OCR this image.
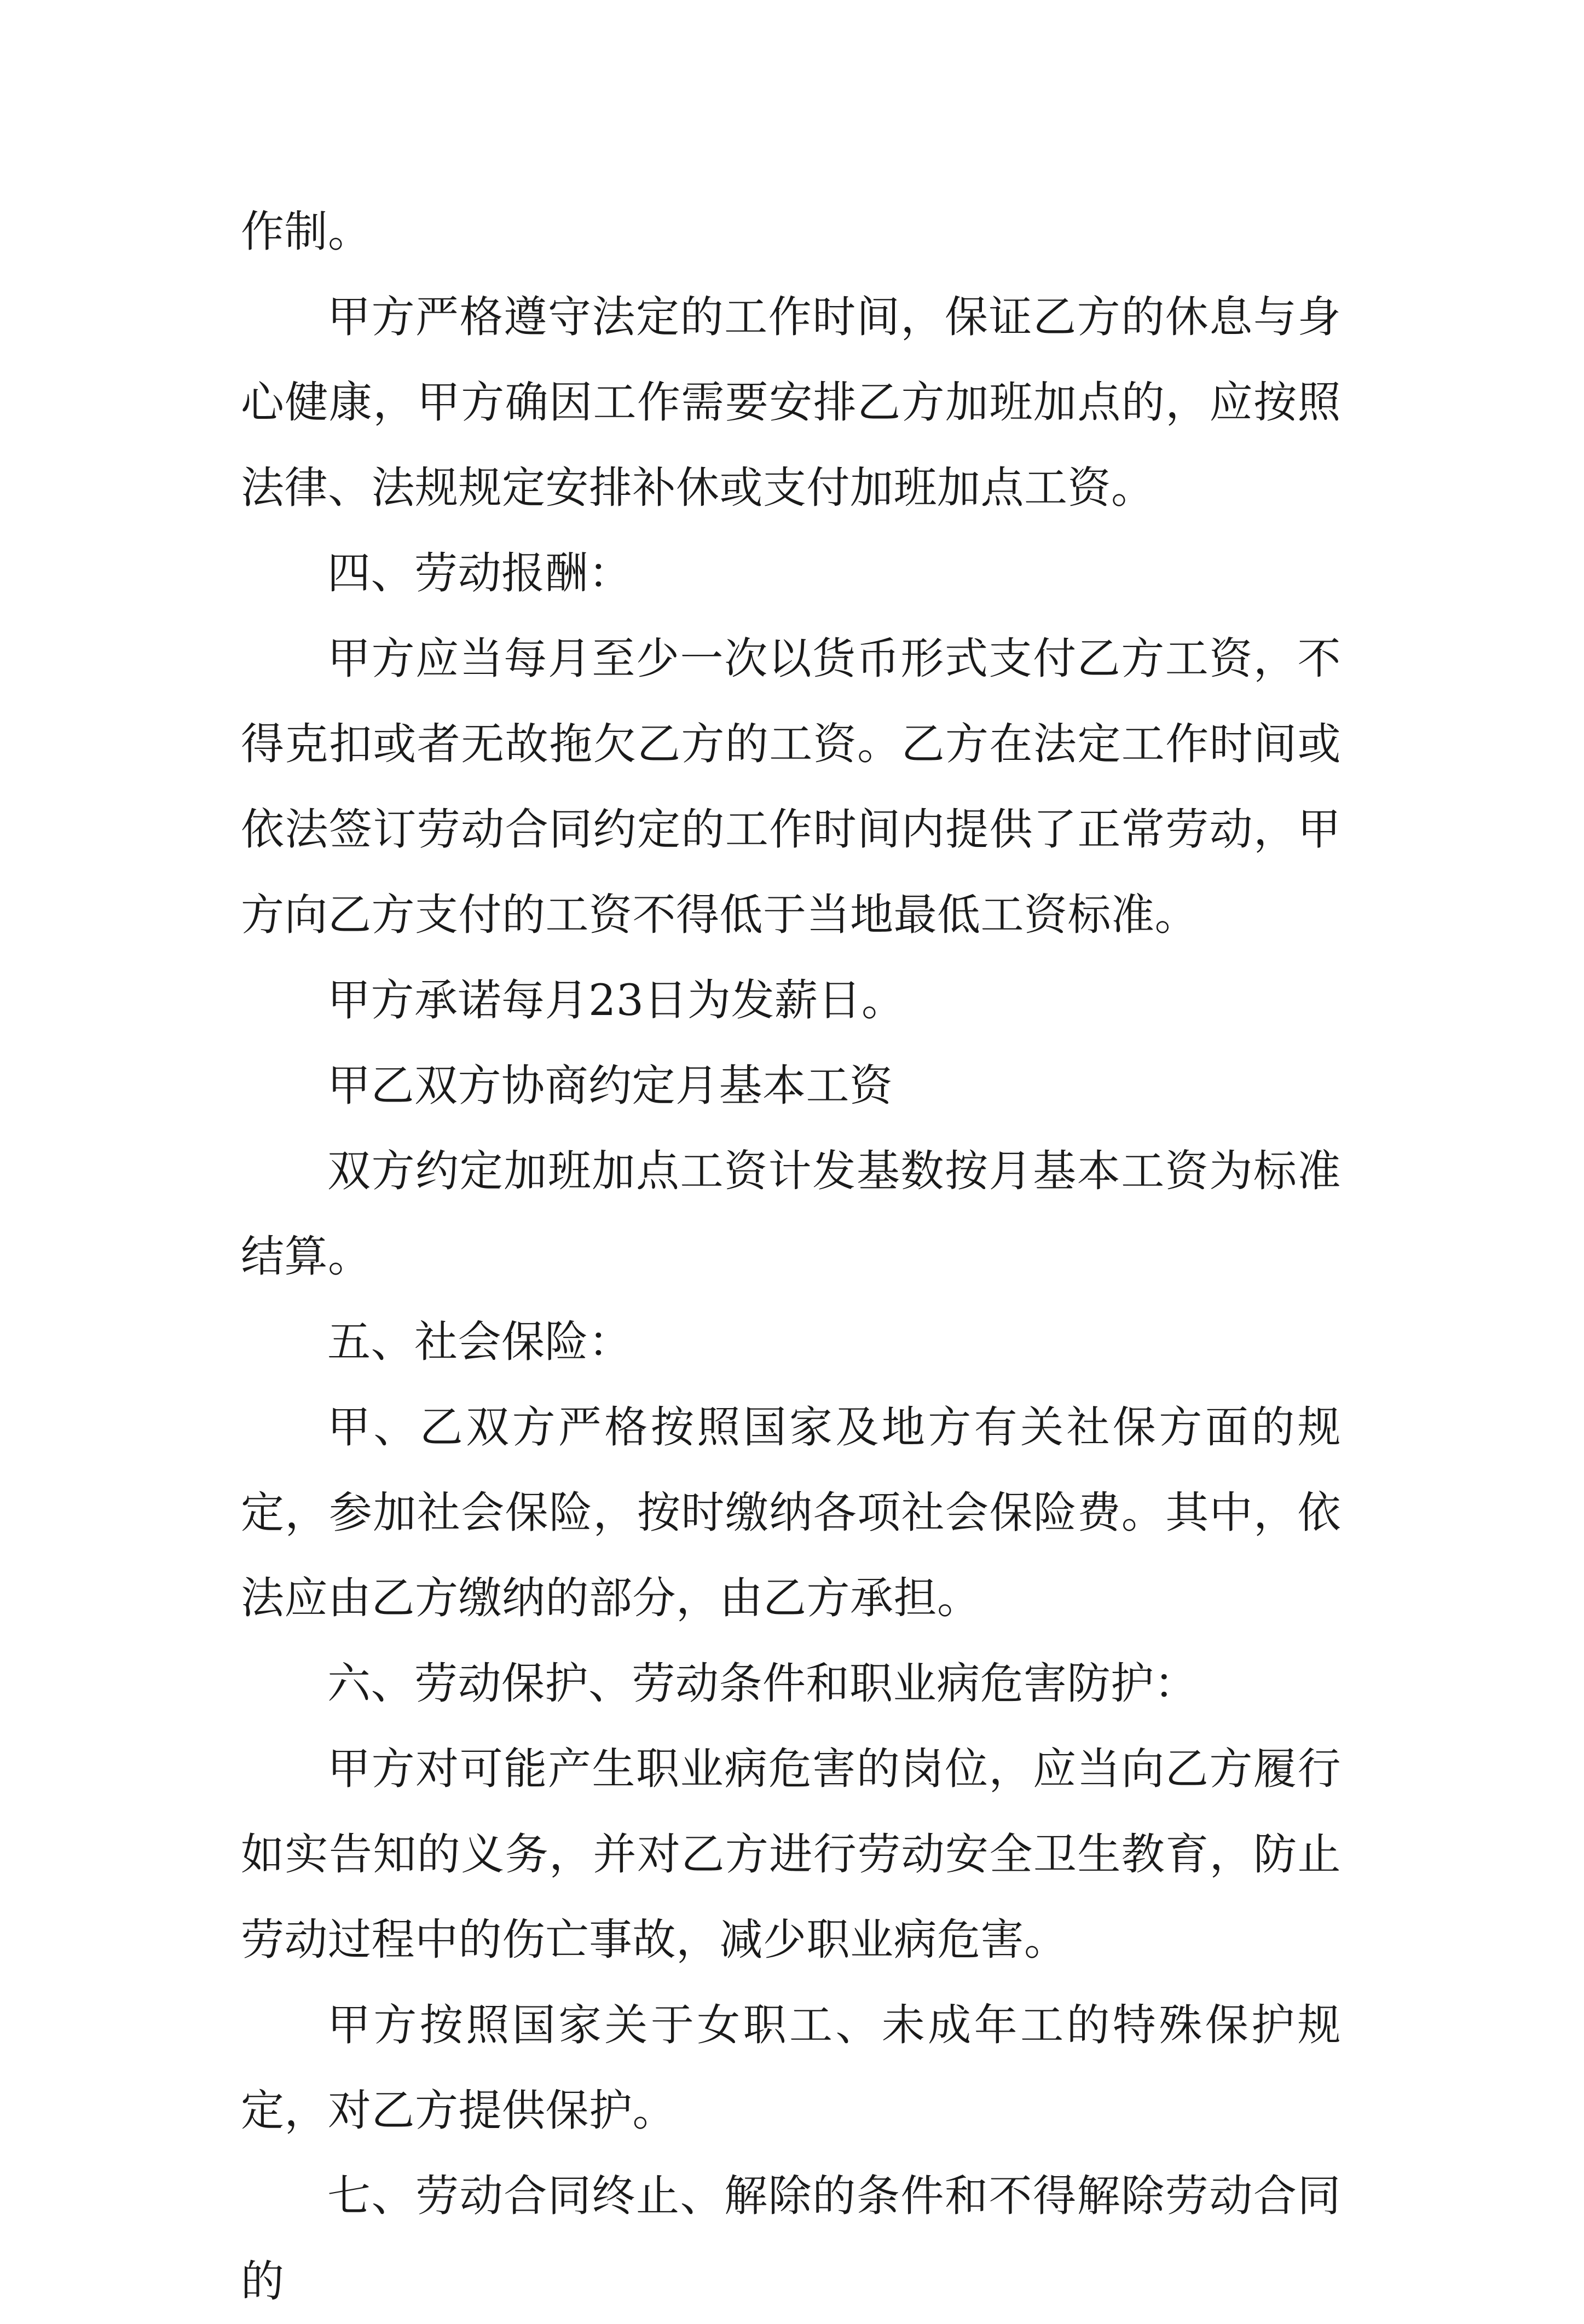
作制。

甲方严格遵守法定的工作时间，保证乙方的休息与身心健康，甲方确因工作需要安排乙方加班加点的，应按照法律、法规规定安排补休或支付加班加点工资。

四、劳动报酬：

甲方应当每月至少一次以货币形式支付乙方工资，不得克扣或者无故拖欠乙方的工资。乙方在法定工作时间或依法签订劳动合同约定的工作时间内提供了正常劳动，甲方向乙方支付的工资不得低于当地最低工资标准。

甲方承诺每月23日为发薪日。

甲乙双方协商约定月基本工资

双方约定加班加点工资计发基数按月基本工资为标准结算。

五、社会保险：

甲、乙双方严格按照国家及地方有关社保方面的规定，参加社会保险，按时缴纳各项社会保险费。其中，依法应由乙方缴纳的部分，由乙方承担。

六、劳动保护、劳动条件和职业病危害防护：

甲方对可能产生职业病危害的岗位，应当向乙方履行如实告知的义务，并对乙方进行劳动安全卫生教育，防止劳动过程中的伤亡事故，减少职业病危害。

甲方按照国家关于女职工、未成年工的特殊保护规定，对乙方提供保护。

七、劳动合同终止、解除的条件和不得解除劳动合同的
